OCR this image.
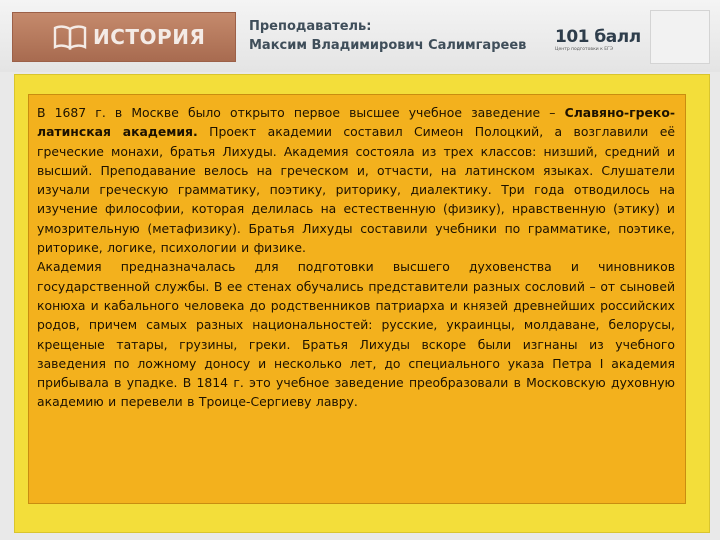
ИСТОРИЯ	Преподаватель:
Максим Владимирович Салимгареев 101 балл
Центр подготовки к ЕГЭ

В 1687 г. в Москве было открыто первое высшее учебное заведение – Славяно-греко-латинская академия. Проект академии составил Симеон Полоцкий, а возглавили её греческие монахи, братья Лихуды. Академия состояла из трех классов: низший, средний и высший. Преподавание велось на греческом и, отчасти, на латинском языках. Слушатели изучали греческую грамматику, поэтику, риторику, диалектику. Три года отводилось на изучение философии, которая делилась на естественную (физику), нравственную (этику) и умозрительную (метафизику). Братья Лихуды составили учебники по грамматике, поэтике, риторике, логике, психологии и физике.

Академия предназначалась для подготовки высшего духовенства и чиновников государственной службы. В ее стенах обучались представители разных сословий – от сыновей конюха и кабального человека до родственников патриарха и князей древнейших российских родов, причем самых разных национальностей: русские, украинцы, молдаване, белорусы, крещеные татары, грузины, греки. Братья Лихуды вскоре были изгнаны из учебного заведения по ложному доносу и несколько лет, до специального указа Петра I академия прибывала в упадке. В 1814 г. это учебное заведение преобразовали в Московскую духовную академию и перевели в Троице-Сергиеву лавру.
